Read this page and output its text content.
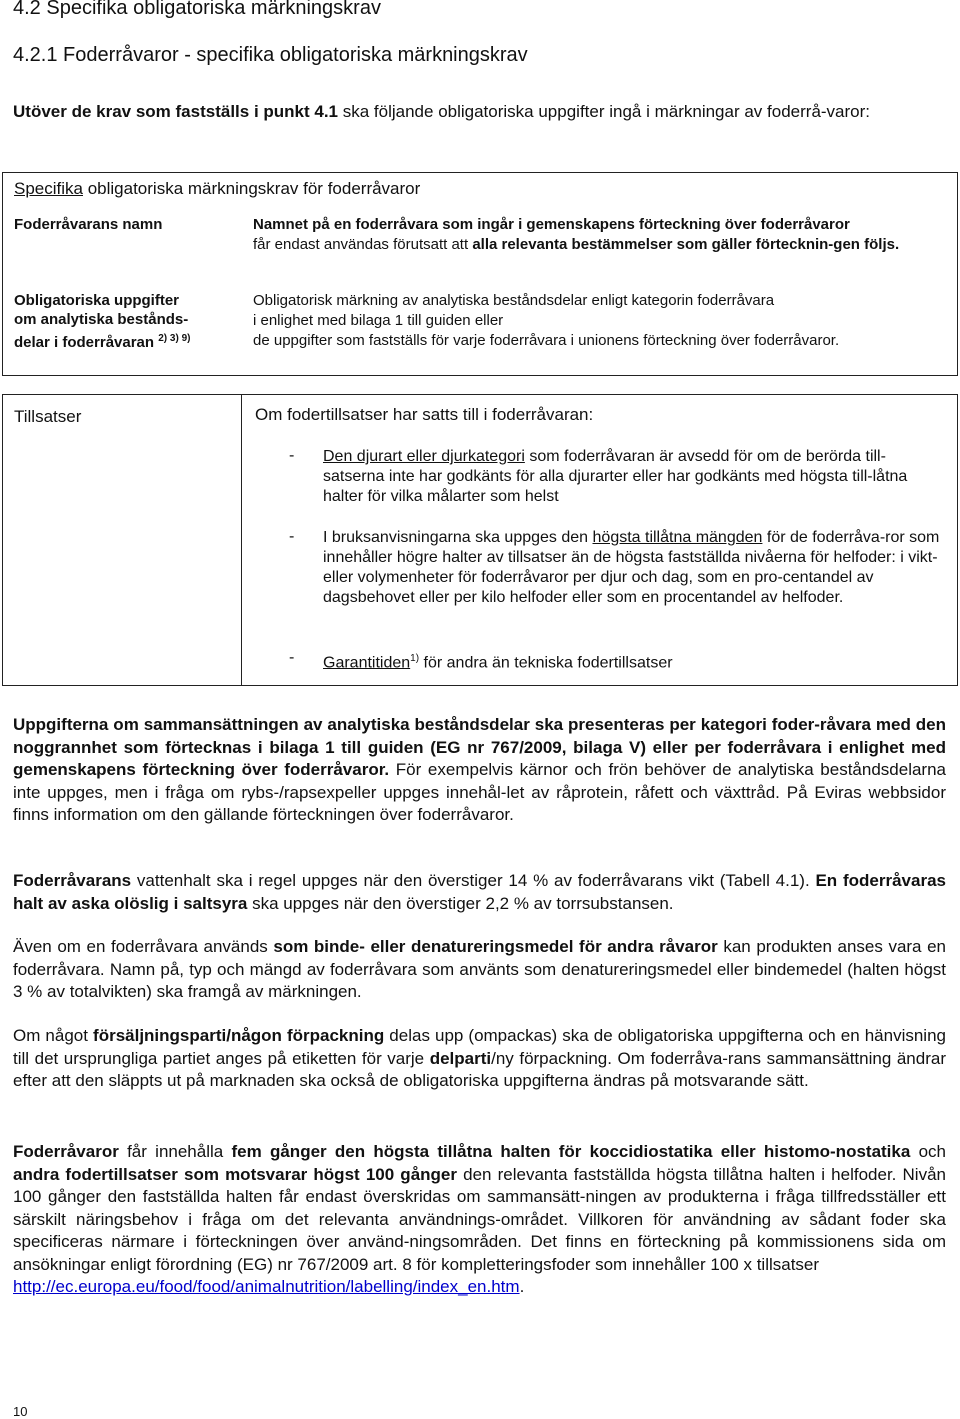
4.2 Specifika obligatoriska märkningskrav
4.2.1 Foderråvaror - specifika obligatoriska märkningskrav
Utöver de krav som fastställs i punkt 4.1 ska följande obligatoriska uppgifter ingå i märkningar av foderrå-varor:
Specifika obligatoriska märkningskrav för foderråvaror
Foderråvarans namn	Namnet på en foderråvara som ingår i gemenskapens förteckning över foderråvaror
får endast användas förutsatt att alla relevanta bestämmelser som gäller förtecknin-gen följs.
Obligatoriska uppgifter
om analytiska bestånds-
delar i foderråvaran $^{2) 3) 9)}$
Obligatorisk märkning av analytiska beståndsdelar enligt kategorin foderråvara
i enlighet med bilaga 1 till guiden eller
de uppgifter som fastställs för varje foderråvara i unionens förteckning över foderråvaror.
Tillsatser	Om fodertillsatser har satts till i foderråvaran:
- Den djurart eller djurkategori som foderråvaran är avsedd för om de berörda till-satserna inte har godkänts för alla djurarter eller har godkänts med högsta till-låtna halter för vilka målarter som helst
- I bruksanvisningarna ska uppges den högsta tillåtna mängden för de foderråva-ror som innehåller högre halter av tillsatser än de högsta fastställda nivåerna för helfoder: i vikt- eller volymenheter för foderråvaror per djur och dag, som en pro-centandel av dagsbehovet eller per kilo helfoder eller som en procentandel av helfoder.
- Garantitiden$^{1)}$ för andra än tekniska fodertillsatser
Uppgifterna om sammansättningen av analytiska beståndsdelar ska presenteras per kategori foder-råvara med den noggrannhet som förtecknas i bilaga 1 till guiden (EG nr 767/2009, bilaga V) eller per foderråvara i enlighet med gemenskapens förteckning över foderråvaror. För exempelvis kärnor och frön behöver de analytiska beståndsdelarna inte uppges, men i fråga om rybs-/rapsexpeller uppges innehål-let av råprotein, råfett och växttråd. På Eviras webbsidor finns information om den gällande förteckningen över foderråvaror.
Foderråvarans vattenhalt ska i regel uppges när den överstiger 14 % av foderråvarans vikt (Tabell 4.1). En foderråvaras halt av aska olöslig i saltsyra ska uppges när den överstiger 2,2 % av torrsubstansen.
Även om en foderråvara används som binde- eller denatureringsmedel för andra råvaror kan produkten anses vara en foderråvara. Namn på, typ och mängd av foderråvara som använts som denatureringsmedel eller bindemedel (halten högst 3 % av totalvikten) ska framgå av märkningen.
Om något försäljningsparti/någon förpackning delas upp (ompackas) ska de obligatoriska uppgifterna och en hänvisning till det ursprungliga partiet anges på etiketten för varje delparti/ny förpackning. Om foderråva-rans sammansättning ändrar efter att den släppts ut på marknaden ska också de obligatoriska uppgifterna ändras på motsvarande sätt.
Foderråvaror får innehålla fem gånger den högsta tillåtna halten för koccidiostatika eller histomo-nostatika och andra fodertillsatser som motsvarar högst 100 gånger den relevanta fastställda högsta tillåtna halten i helfoder. Nivån 100 gånger den fastställda halten får endast överskridas om sammansätt-ningen av produkterna i fråga tillfredsställer ett särskilt näringsbehov i fråga om det relevanta användnings-området. Villkoren för användning av sådant foder ska specificeras närmare i förteckningen över använd-ningsområden. Det finns en förteckning på kommissionens sida om ansökningar enligt förordning (EG) nr 767/2009 art. 8 för kompletteringsfoder som innehåller 100 x tillsatser
http://ec.europa.eu/food/food/animalnutrition/labelling/index_en.htm.
10
